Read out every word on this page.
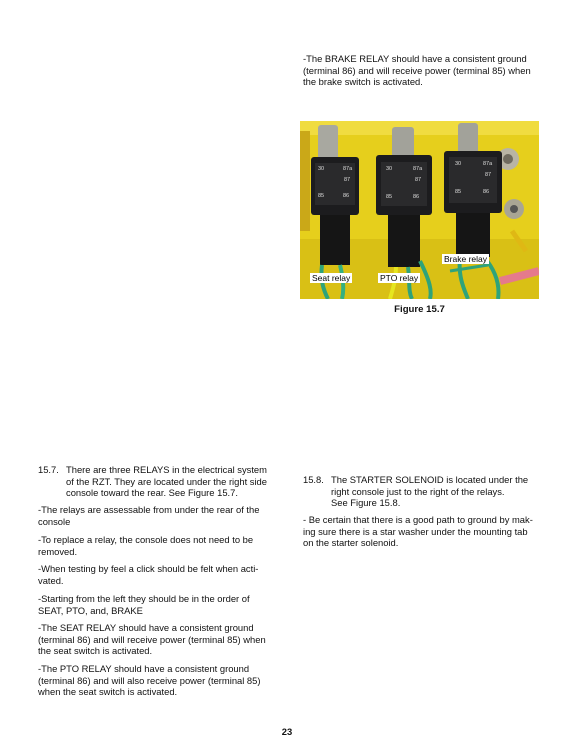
-The BRAKE RELAY should have a consistent ground
(terminal 86) and will receive power (terminal 85) when
the brake switch is activated.
30	87a
87
85	86
30	87a
87
85	86
30	87a
87
85	86
Seat relay	PTO relay
Brake relay
Figure 15.7
15.7. There are three RELAYS in the electrical system
of the RZT. They are located under the right side
console toward the rear. See Figure 15.7.
-The relays are assessable from under the rear of the
console
-To replace a relay, the console does not need to be
removed.
-When testing by feel a click should be felt when acti-
vated.
-Starting from the left they should be in the order of
SEAT, PTO, and, BRAKE
-The SEAT RELAY should have a consistent ground
(terminal 86) and will receive power (terminal 85) when
the seat switch is activated.
-The PTO RELAY should have a consistent ground
(terminal 86) and will also receive power (terminal 85)
when the seat switch is activated.
15.8. The STARTER SOLENOID is located under the
right console just to the right of the relays.
See Figure 15.8.
- Be certain that there is a good path to ground by mak-
ing sure there is a star washer under the mounting tab
on the starter solenoid.
23
